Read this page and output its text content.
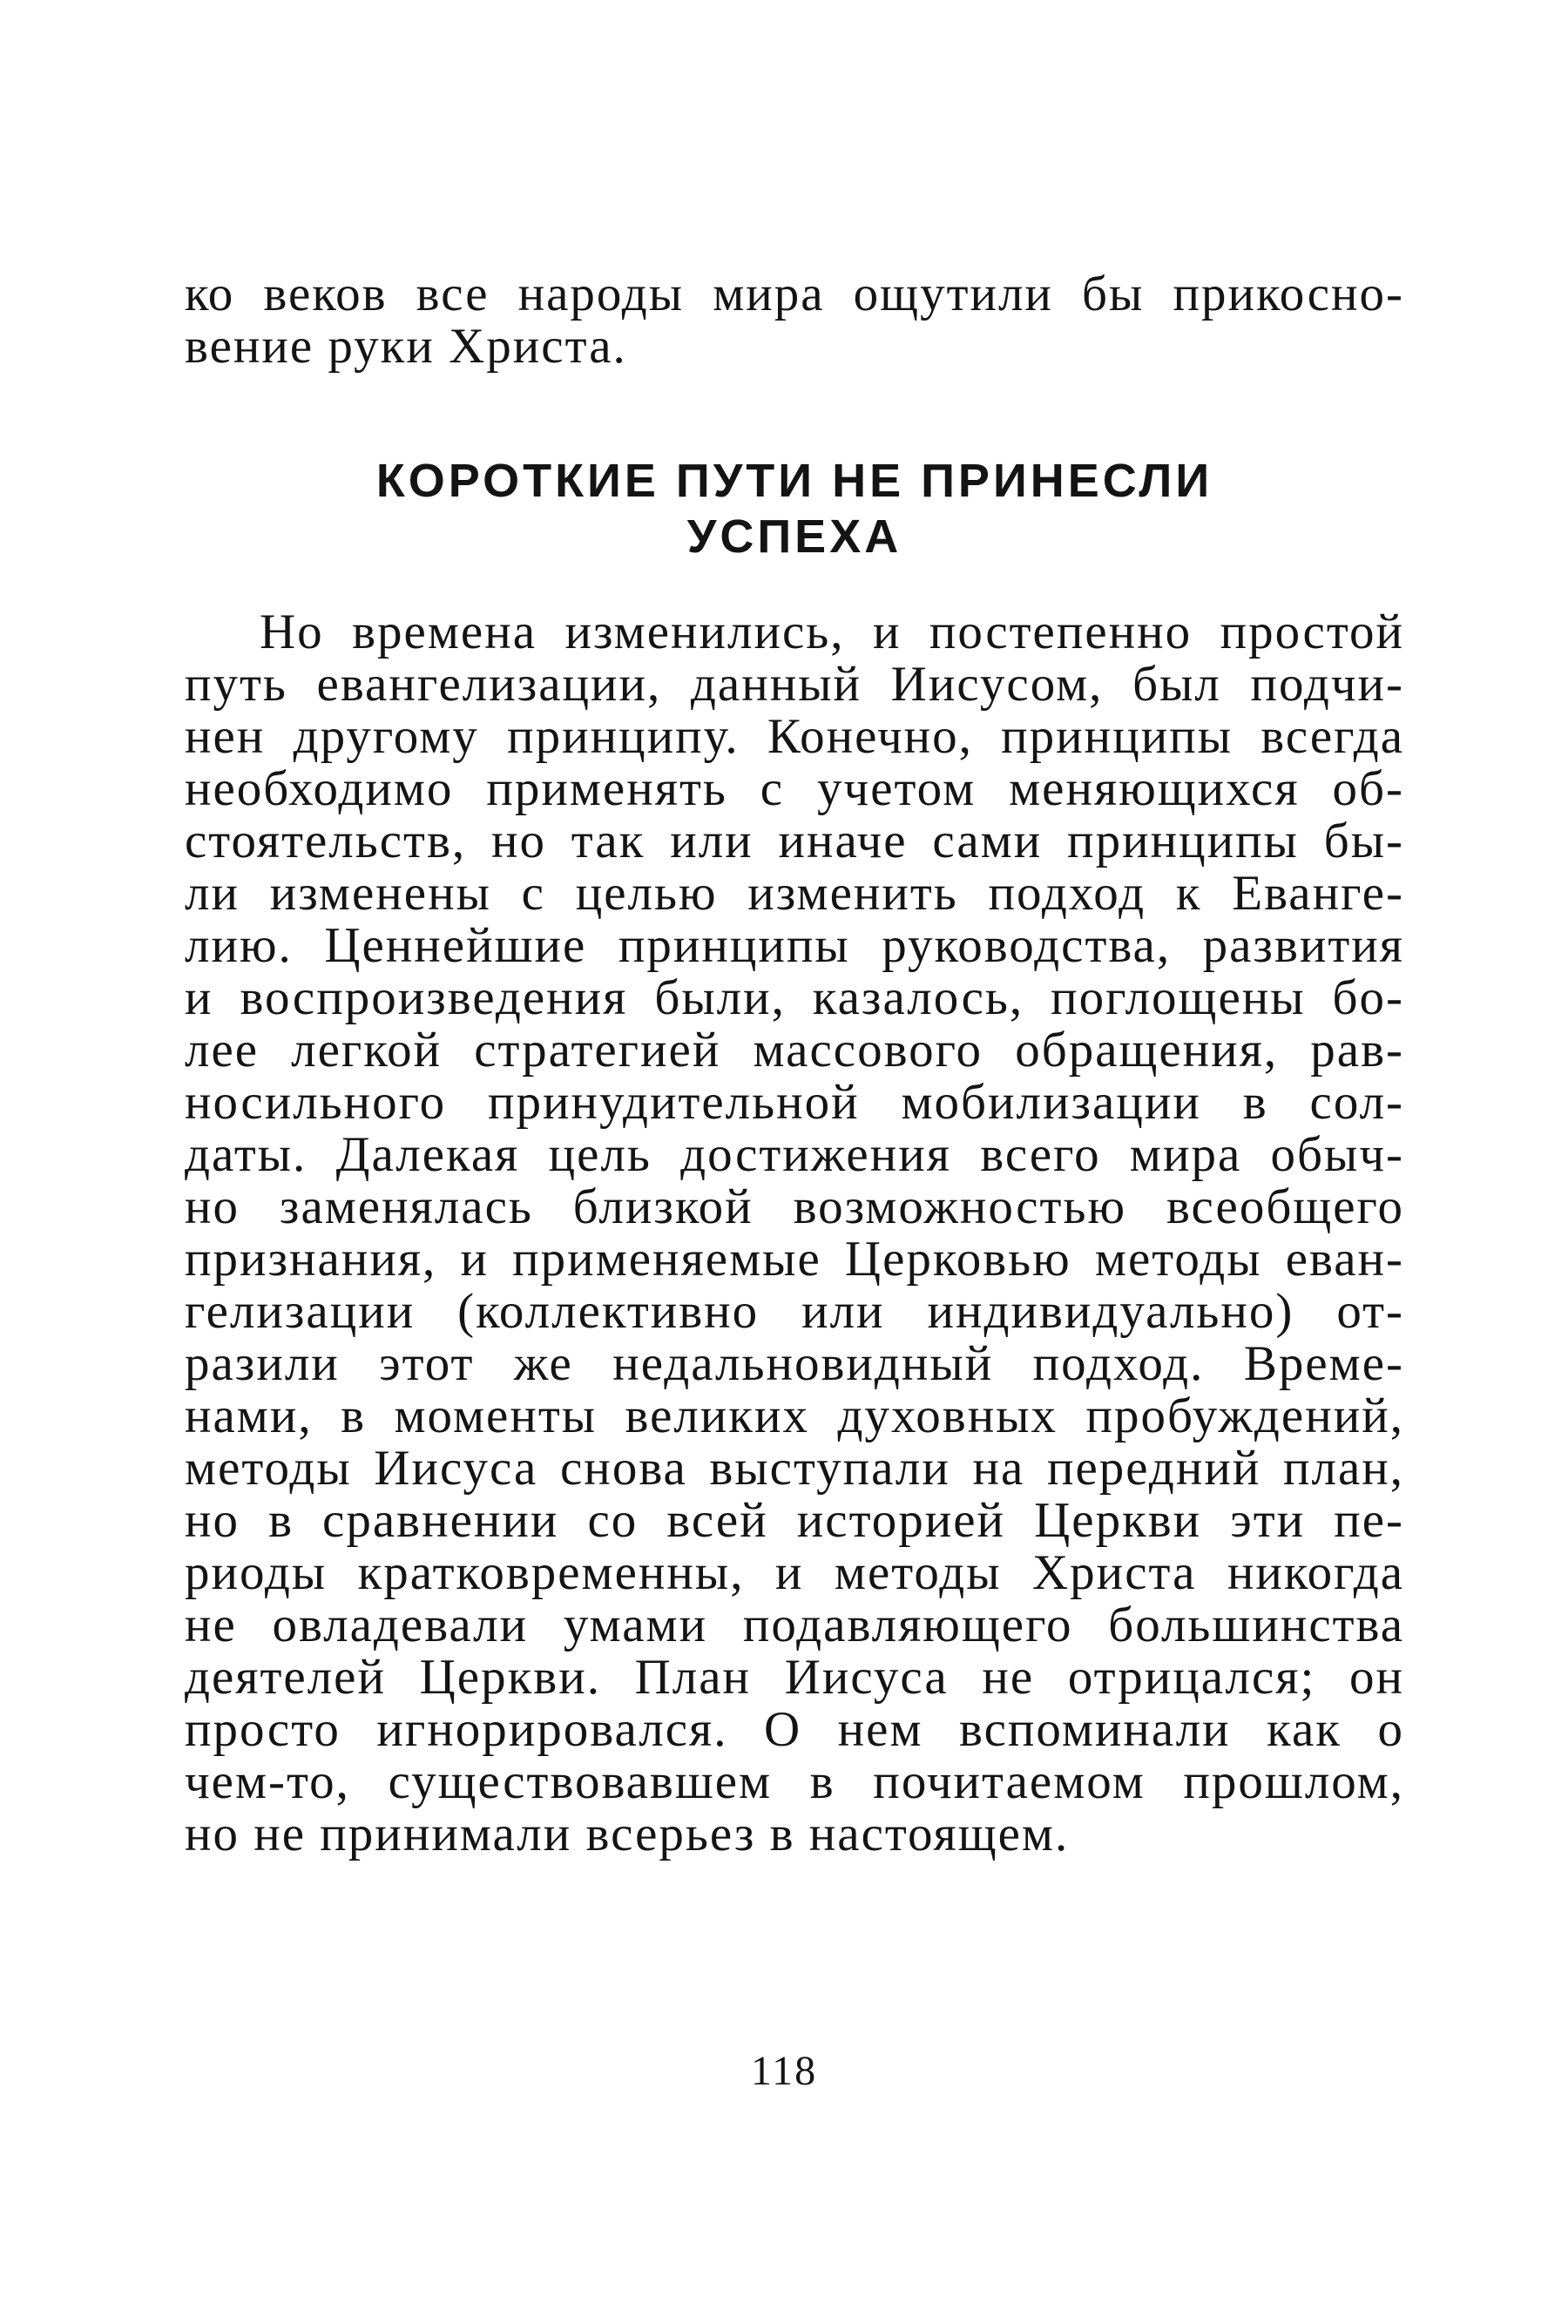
ко веков все народы мира ощутили бы прикосно-
вение руки Христа.
КОРОТКИЕ ПУТИ НЕ ПРИНЕСЛИ
УСПЕХА
Но времена изменились, и постепенно простой
путь евангелизации, данный Иисусом, был подчи-
нен другому принципу. Конечно, принципы всегда
необходимо применять с учетом меняющихся об-
стоятельств, но так или иначе сами принципы бы-
ли изменены с целью изменить подход к Еванге-
лию. Ценнейшие принципы руководства, развития
и воспроизведения были, казалось, поглощены бо-
лее легкой стратегией массового обращения, рав-
носильного принудительной мобилизации в сол-
даты. Далекая цель достижения всего мира обыч-
но заменялась близкой возможностью всеобщего
признания, и применяемые Церковью методы еван-
гелизации (коллективно или индивидуально) от-
разили этот же недальновидный подход. Време-
нами, в моменты великих духовных пробуждений,
методы Иисуса снова выступали на передний план,
но в сравнении со всей историей Церкви эти пе-
риоды кратковременны, и методы Христа никогда
не овладевали умами подавляющего большинства
деятелей Церкви. План Иисуса не отрицался; он
просто игнорировался. О нем вспоминали как о
чем-то, существовавшем в почитаемом прошлом,
но не принимали всерьез в настоящем.
118
